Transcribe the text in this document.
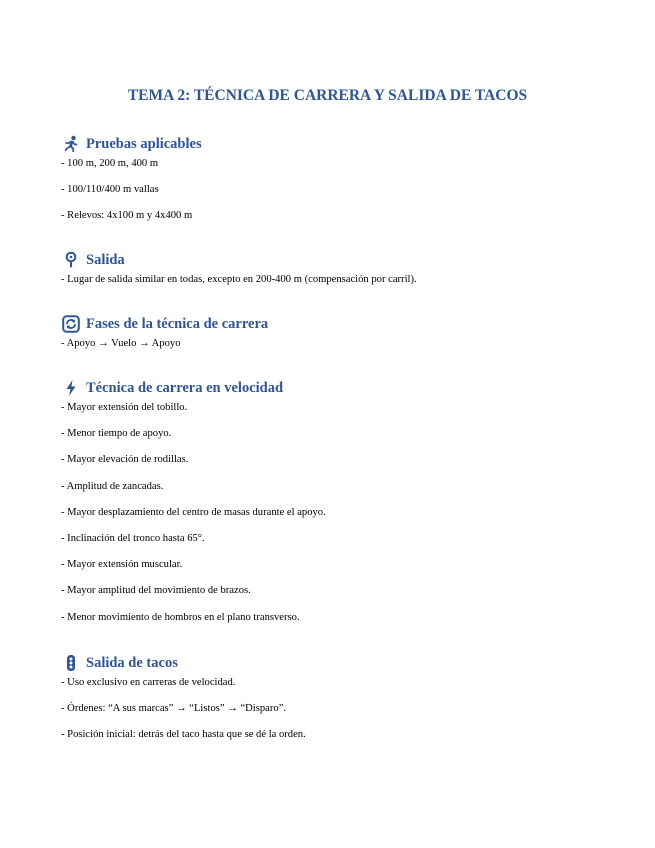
TEMA 2: TÉCNICA DE CARRERA Y SALIDA DE TACOS
Pruebas aplicables
- 100 m, 200 m, 400 m
- 100/110/400 m vallas
- Relevos: 4x100 m y 4x400 m
Salida
- Lugar de salida similar en todas, excepto en 200-400 m (compensación por carril).
Fases de la técnica de carrera
- Apoyo → Vuelo → Apoyo
Técnica de carrera en velocidad
- Mayor extensión del tobillo.
- Menor tiempo de apoyo.
- Mayor elevación de rodillas.
- Amplitud de zancadas.
- Mayor desplazamiento del centro de masas durante el apoyo.
- Inclinación del tronco hasta 65°.
- Mayor extensión muscular.
- Mayor amplitud del movimiento de brazos.
- Menor movimiento de hombros en el plano transverso.
Salida de tacos
- Uso exclusivo en carreras de velocidad.
- Órdenes: “A sus marcas” → “Listos” → “Disparo”.
- Posición inicial: detrás del taco hasta que se dé la orden.
